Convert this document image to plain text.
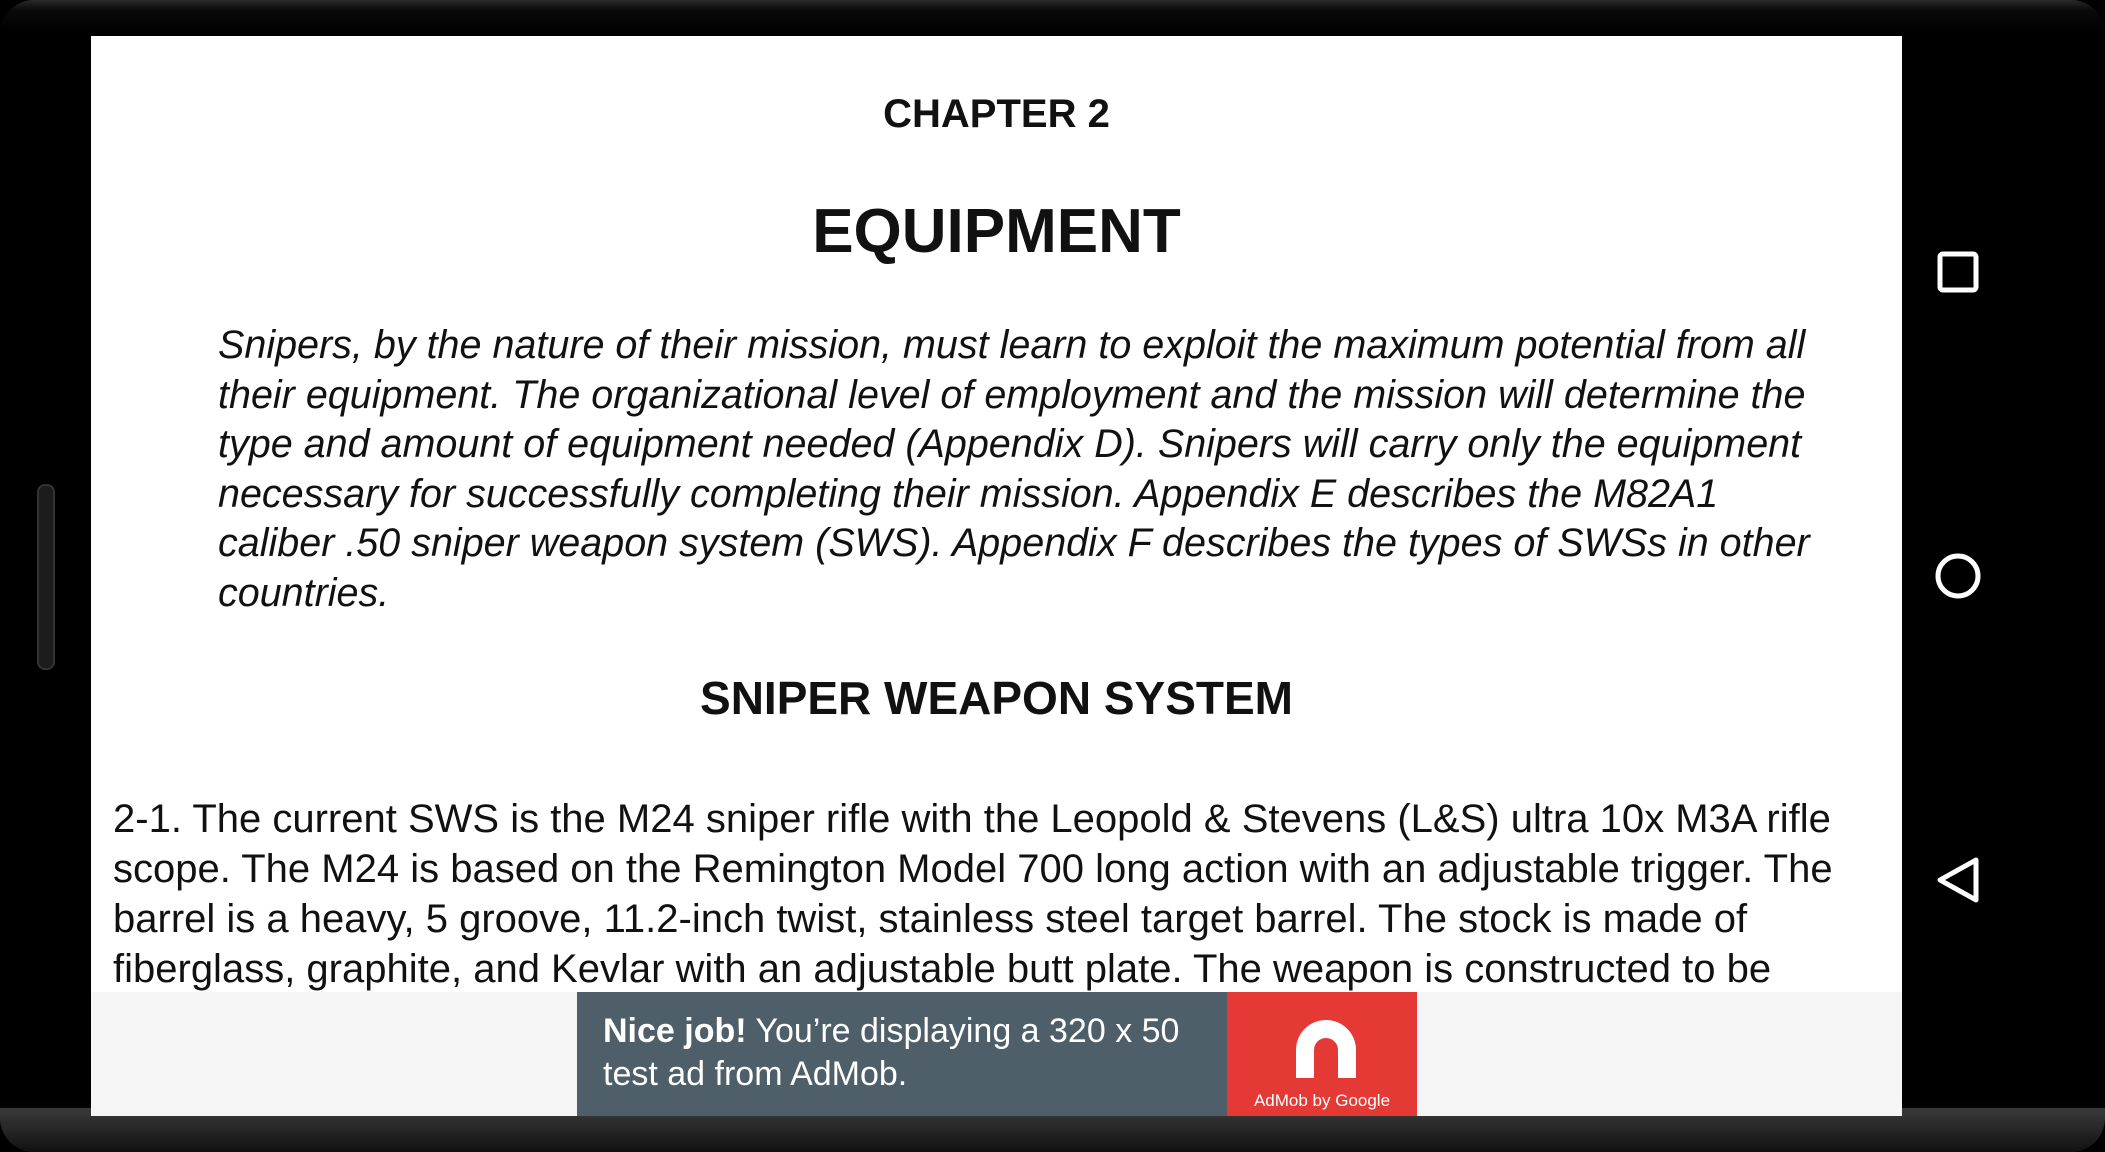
CHAPTER 2
EQUIPMENT
Snipers, by the nature of their mission, must learn to exploit the maximum potential from all their equipment. The organizational level of employment and the mission will determine the type and amount of equipment needed (Appendix D). Snipers will carry only the equipment necessary for successfully completing their mission. Appendix E describes the M82A1 caliber .50 sniper weapon system (SWS). Appendix F describes the types of SWSs in other countries.
SNIPER WEAPON SYSTEM
2-1. The current SWS is the M24 sniper rifle with the Leopold & Stevens (L&S) ultra 10x M3A rifle scope. The M24 is based on the Remington Model 700 long action with an adjustable trigger. The barrel is a heavy, 5 groove, 11.2-inch twist, stainless steel target barrel. The stock is made of fiberglass, graphite, and Kevlar with an adjustable butt plate. The weapon is constructed to be
Nice job! You’re displaying a 320 x 50 test ad from AdMob.
AdMob by Google
